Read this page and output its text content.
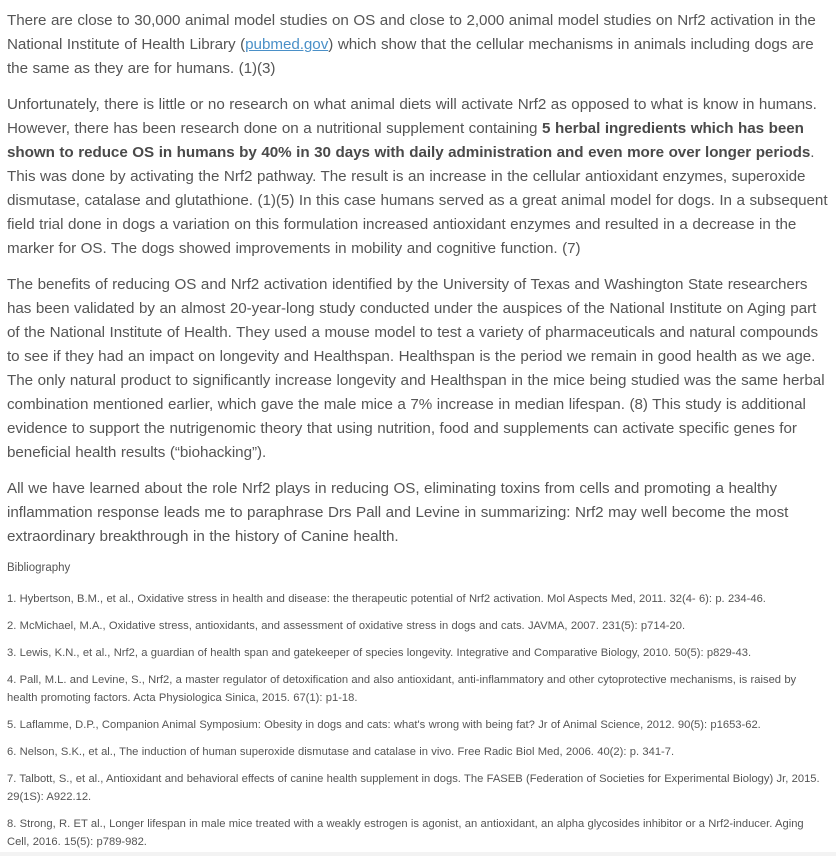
There are close to 30,000 animal model studies on OS and close to 2,000 animal model studies on Nrf2 activation in the National Institute of Health Library (pubmed.gov) which show that the cellular mechanisms in animals including dogs are the same as they are for humans. (1)(3)

Unfortunately, there is little or no research on what animal diets will activate Nrf2 as opposed to what is know in humans. However, there has been research done on a nutritional supplement containing 5 herbal ingredients which has been shown to reduce OS in humans by 40% in 30 days with daily administration and even more over longer periods. This was done by activating the Nrf2 pathway. The result is an increase in the cellular antioxidant enzymes, superoxide dismutase, catalase and glutathione. (1)(5) In this case humans served as a great animal model for dogs. In a subsequent field trial done in dogs a variation on this formulation increased antioxidant enzymes and resulted in a decrease in the marker for OS. The dogs showed improvements in mobility and cognitive function. (7)

The benefits of reducing OS and Nrf2 activation identified by the University of Texas and Washington State researchers has been validated by an almost 20-year-long study conducted under the auspices of the National Institute on Aging part of the National Institute of Health. They used a mouse model to test a variety of pharmaceuticals and natural compounds to see if they had an impact on longevity and Healthspan. Healthspan is the period we remain in good health as we age. The only natural product to significantly increase longevity and Healthspan in the mice being studied was the same herbal combination mentioned earlier, which gave the male mice a 7% increase in median lifespan. (8) This study is additional evidence to support the nutrigenomic theory that using nutrition, food and supplements can activate specific genes for beneficial health results (“biohacking”).

All we have learned about the role Nrf2 plays in reducing OS, eliminating toxins from cells and promoting a healthy inflammation response leads me to paraphrase Drs Pall and Levine in summarizing: Nrf2 may well become the most extraordinary breakthrough in the history of Canine health.

Bibliography
1. Hybertson, B.M., et al., Oxidative stress in health and disease: the therapeutic potential of Nrf2 activation. Mol Aspects Med, 2011. 32(4- 6): p. 234-46.
2. McMichael, M.A., Oxidative stress, antioxidants, and assessment of oxidative stress in dogs and cats. JAVMA, 2007. 231(5): p714-20.
3. Lewis, K.N., et al., Nrf2, a guardian of health span and gatekeeper of species longevity. Integrative and Comparative Biology, 2010. 50(5): p829-43.
4. Pall, M.L. and Levine, S., Nrf2, a master regulator of detoxification and also antioxidant, anti-inflammatory and other cytoprotective mechanisms, is raised by health promoting factors. Acta Physiologica Sinica, 2015. 67(1): p1-18.
5. Laflamme, D.P., Companion Animal Symposium: Obesity in dogs and cats: what's wrong with being fat? Jr of Animal Science, 2012. 90(5): p1653-62.
6. Nelson, S.K., et al., The induction of human superoxide dismutase and catalase in vivo. Free Radic Biol Med, 2006. 40(2): p. 341-7.
7. Talbott, S., et al., Antioxidant and behavioral effects of canine health supplement in dogs. The FASEB (Federation of Societies for Experimental Biology) Jr, 2015. 29(1S): A922.12.
8. Strong, R. ET al., Longer lifespan in male mice treated with a weakly estrogen is agonist, an antioxidant, an alpha glycosides inhibitor or a Nrf2-inducer. Aging Cell, 2016. 15(5): p789-982.
